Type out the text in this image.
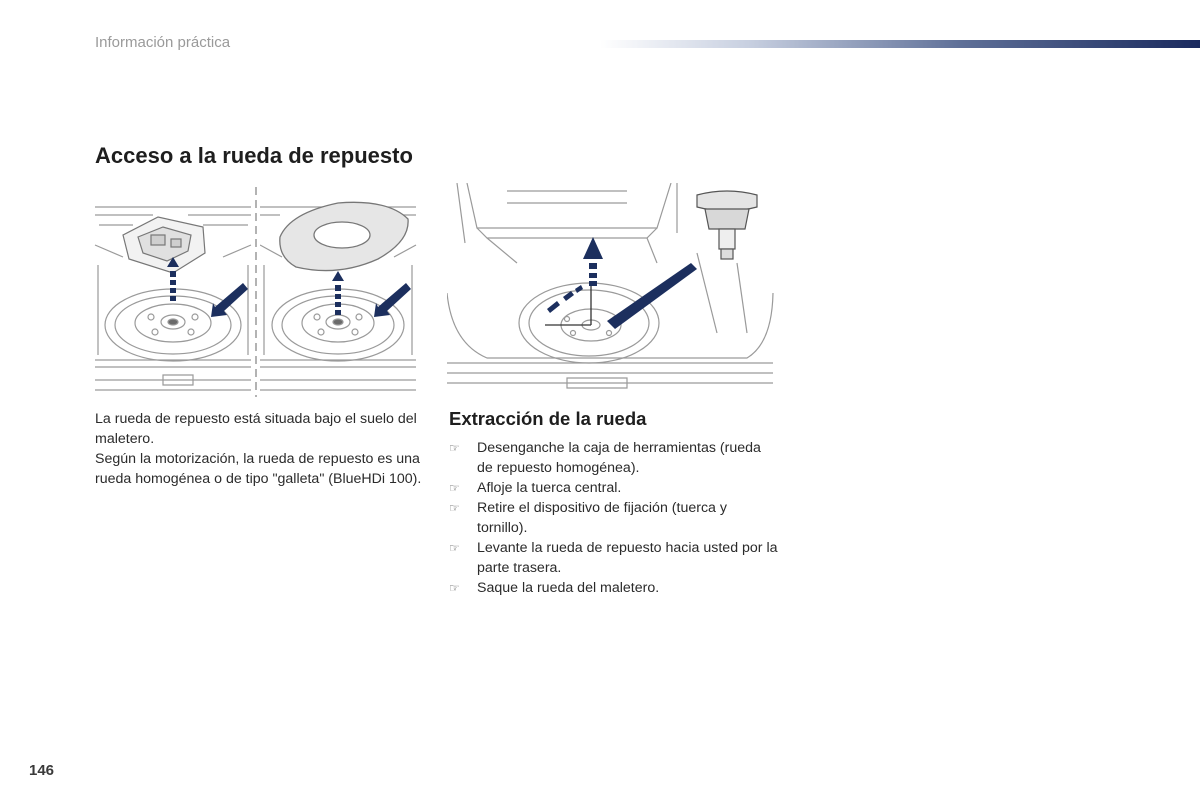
Información práctica
Acceso a la rueda de repuesto

La rueda de repuesto está situada bajo el suelo del maletero.

Según la motorización, la rueda de repuesto es una rueda homogénea o de tipo "galleta" (BlueHDi 100).

Extracción de la rueda
☞ Desenganche la caja de herramientas (rueda de repuesto homogénea).
☞ Afloje la tuerca central.
☞ Retire el dispositivo de fijación (tuerca y tornillo).
☞ Levante la rueda de repuesto hacia usted por la parte trasera.
☞ Saque la rueda del maletero.
146
